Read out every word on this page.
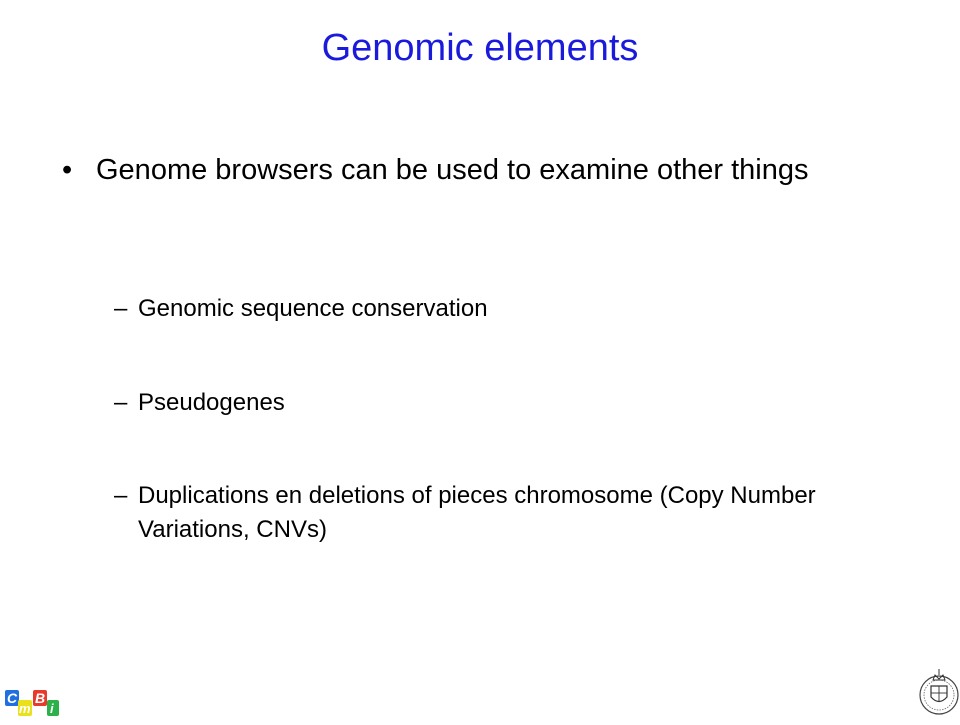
Genomic elements
• Genome browsers can be used to examine other things
– Genomic sequence conservation
– Pseudogenes
– Duplications en deletions of pieces chromosome (Copy Number Variations, CNVs)
C
m
B
i
